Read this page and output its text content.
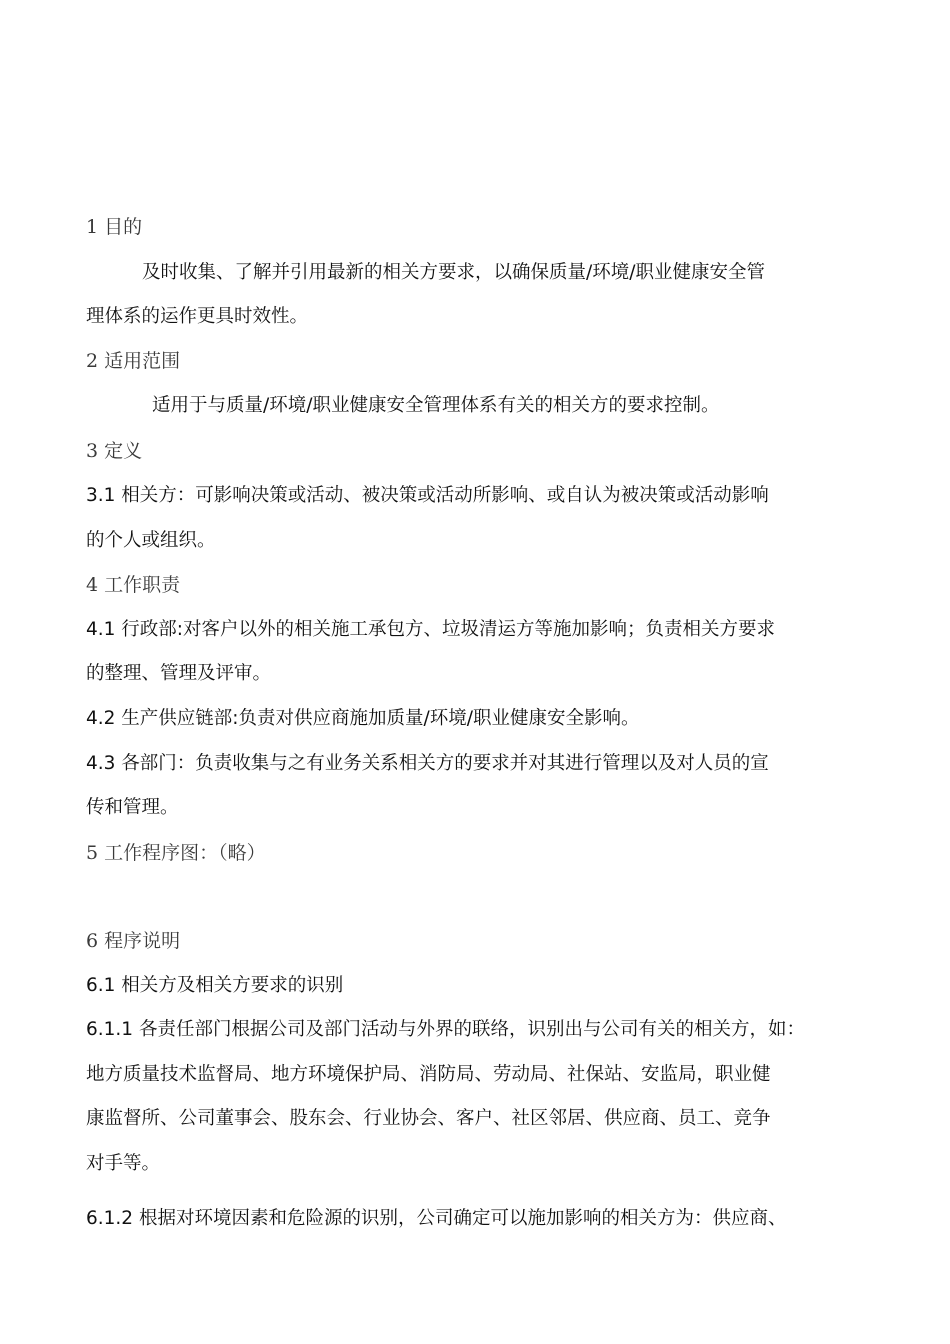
1 目的
及时收集、了解并引用最新的相关方要求，以确保质量/环境/职业健康安全管
理体系的运作更具时效性。
2 适用范围
适用于与质量/环境/职业健康安全管理体系有关的相关方的要求控制。
3 定义
3.1 相关方：可影响决策或活动、被决策或活动所影响、或自认为被决策或活动影响
的个人或组织。
4 工作职责
4.1 行政部:对客户以外的相关施工承包方、垃圾清运方等施加影响；负责相关方要求
的整理、管理及评审。
4.2 生产供应链部:负责对供应商施加质量/环境/职业健康安全影响。
4.3 各部门：负责收集与之有业务关系相关方的要求并对其进行管理以及对人员的宣
传和管理。
5 工作程序图：（略）
6 程序说明
6.1 相关方及相关方要求的识别
6.1.1 各责任部门根据公司及部门活动与外界的联络，识别出与公司有关的相关方，如：
地方质量技术监督局、地方环境保护局、消防局、劳动局、社保站、安监局，职业健
康监督所、公司董事会、股东会、行业协会、客户、社区邻居、供应商、员工、竞争
对手等。
6.1.2 根据对环境因素和危险源的识别，公司确定可以施加影响的相关方为：供应商、
